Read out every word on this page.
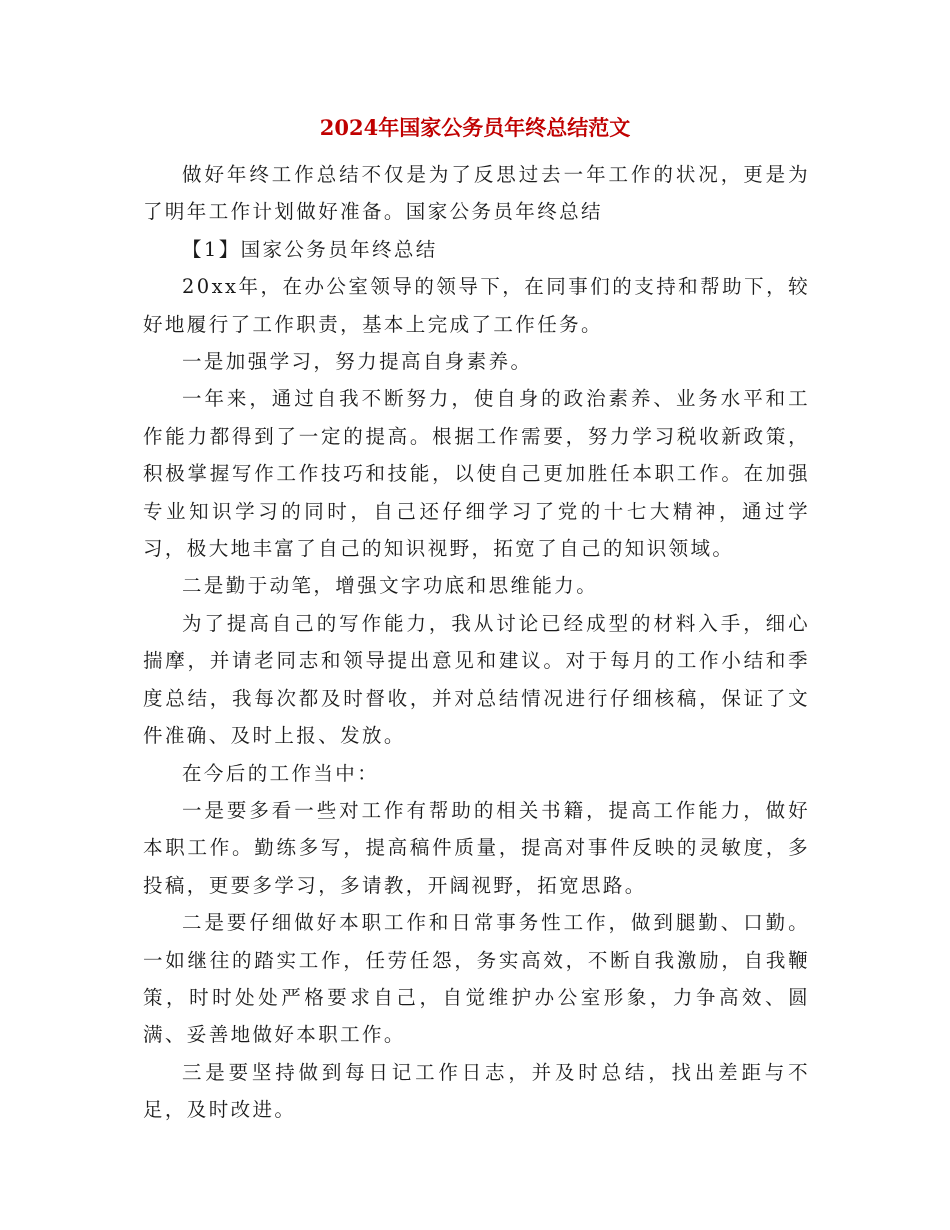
2024年国家公务员年终总结范文

做好年终工作总结不仅是为了反思过去一年工作的状况，更是为了明年工作计划做好准备。国家公务员年终总结

【1】国家公务员年终总结

20xx年，在办公室领导的领导下，在同事们的支持和帮助下，较好地履行了工作职责，基本上完成了工作任务。

一是加强学习，努力提高自身素养。

一年来，通过自我不断努力，使自身的政治素养、业务水平和工作能力都得到了一定的提高。根据工作需要，努力学习税收新政策，积极掌握写作工作技巧和技能，以使自己更加胜任本职工作。在加强专业知识学习的同时，自己还仔细学习了党的十七大精神，通过学习，极大地丰富了自己的知识视野，拓宽了自己的知识领域。

二是勤于动笔，增强文字功底和思维能力。

为了提高自己的写作能力，我从讨论已经成型的材料入手，细心揣摩，并请老同志和领导提出意见和建议。对于每月的工作小结和季度总结，我每次都及时督收，并对总结情况进行仔细核稿，保证了文件准确、及时上报、发放。

在今后的工作当中：

一是要多看一些对工作有帮助的相关书籍，提高工作能力，做好本职工作。勤练多写，提高稿件质量，提高对事件反映的灵敏度，多投稿，更要多学习，多请教，开阔视野，拓宽思路。

二是要仔细做好本职工作和日常事务性工作，做到腿勤、口勤。一如继往的踏实工作，任劳任怨，务实高效，不断自我激励，自我鞭策，时时处处严格要求自己，自觉维护办公室形象，力争高效、圆满、妥善地做好本职工作。

三是要坚持做到每日记工作日志，并及时总结，找出差距与不足，及时改进。
